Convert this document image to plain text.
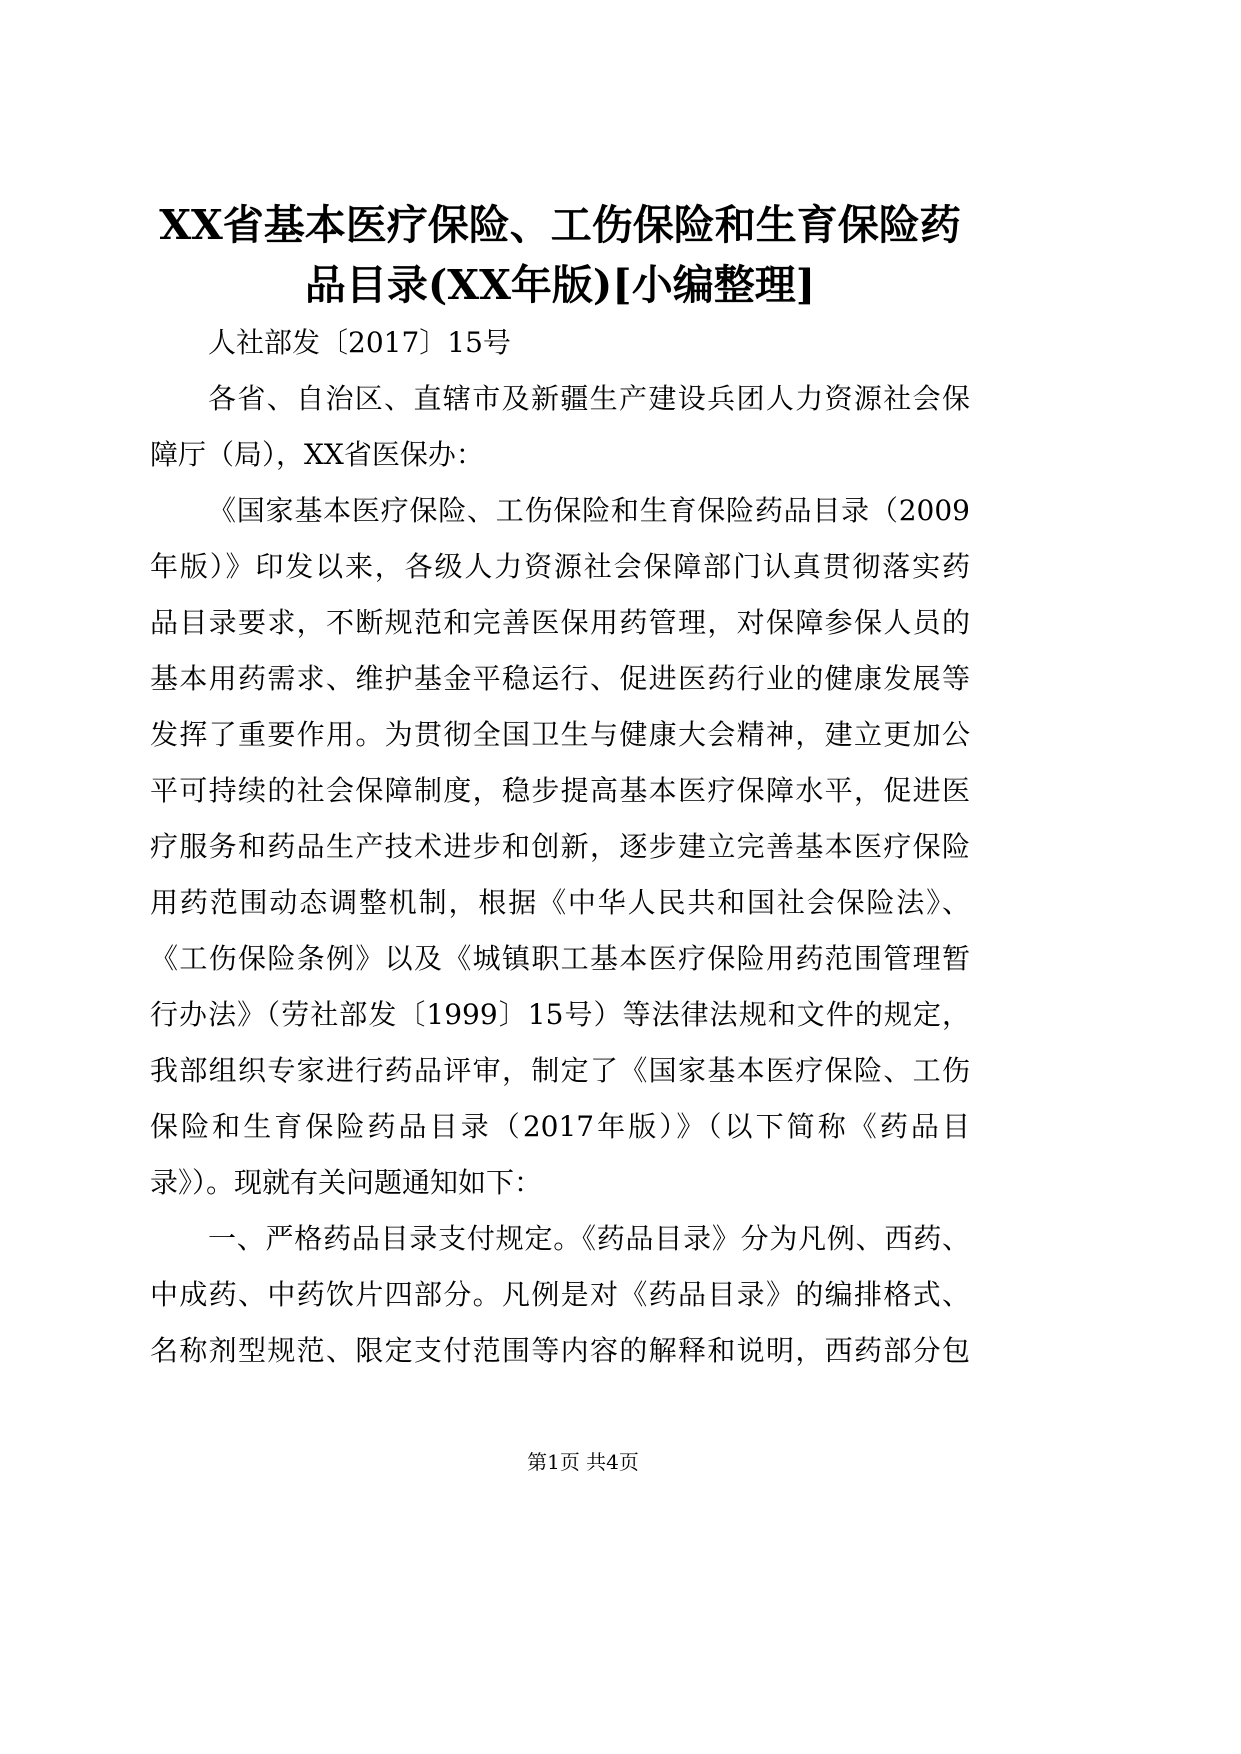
XX省基本医疗保险、工伤保险和生育保险药
品目录(XX年版)[小编整理]
人社部发〔2017〕15号
各省、自治区、直辖市及新疆生产建设兵团人力资源社会保
障厅（局），XX省医保办：
《国家基本医疗保险、工伤保险和生育保险药品目录（2009
年版）》印发以来，各级人力资源社会保障部门认真贯彻落实药
品目录要求，不断规范和完善医保用药管理，对保障参保人员的
基本用药需求、维护基金平稳运行、促进医药行业的健康发展等
发挥了重要作用。为贯彻全国卫生与健康大会精神，建立更加公
平可持续的社会保障制度，稳步提高基本医疗保障水平，促进医
疗服务和药品生产技术进步和创新，逐步建立完善基本医疗保险
用药范围动态调整机制，根据《中华人民共和国社会保险法》、
《工伤保险条例》以及《城镇职工基本医疗保险用药范围管理暂
行办法》（劳社部发〔1999〕15号）等法律法规和文件的规定，
我部组织专家进行药品评审，制定了《国家基本医疗保险、工伤
保险和生育保险药品目录（2017年版）》（以下简称《药品目
录》）。现就有关问题通知如下：
一、严格药品目录支付规定。《药品目录》分为凡例、西药、
中成药、中药饮片四部分。凡例是对《药品目录》的编排格式、
名称剂型规范、限定支付范围等内容的解释和说明，西药部分包
第1页 共4页
